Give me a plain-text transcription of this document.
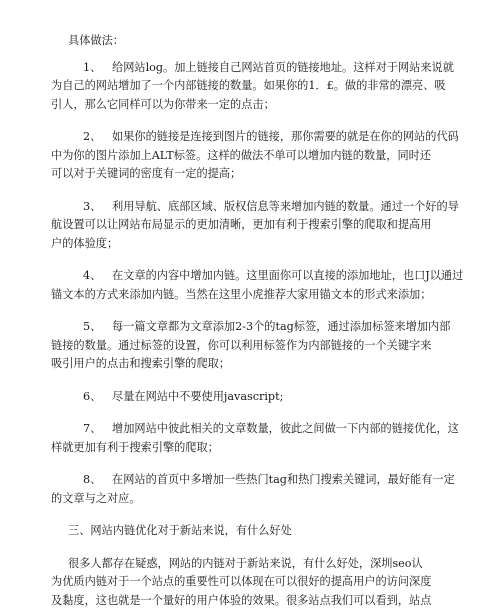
具体做法：
1、 给网站log。加上链接自己网站首页的链接地址。这样对于网站来说就
为自己的网站增加了一个内部链接的数量。如果你的1．£。做的非常的漂亮、吸
引人，那么它同样可以为你带来一定的点击；
2、 如果你的链接是连接到图片的链接，那你需要的就是在你的网站的代码
中为你的图片添加上ALT标签。这样的做法不单可以增加内链的数量，同时还
可以对于关键词的密度有一定的提高；
3、 利用导航、底部区域、版权信息等来增加内链的数量。通过一个好的导
航设置可以让网站布局显示的更加清晰，更加有利于搜索引擎的爬取和提高用
户的体验度；
4、 在文章的内容中增加内链。这里面你可以直接的添加地址，也口J以通过
锚文本的方式来添加内链。当然在这里小虎推荐大家用锚文本的形式来添加；
5、 每一篇文章都为文章添加2-3个的tag标签，通过添加标签来增加内部
链接的数量。通过标签的设置，你可以利用标签作为内部链接的一个关键字来
吸引用户的点击和搜索引擎的爬取；
6、 尽量在网站中不要使用javascript;
7、 增加网站中彼此相关的文章数量，彼此之间做一下内部的链接优化，这
样就更加有利于搜索引擎的爬取；
8、 在网站的首页中多增加一些热门tag和热门搜索关键词，最好能有一定
的文章与之对应。
三、网站内链优化对于新站来说，有什么好处
很多人都存在疑惑，网站的内链对于新站来说，有什么好处，深圳seo认
为优质内链对于一个站点的重要性可以体现在可以很好的提高用户的访问深度
及黏度，这也就是一个量好的用户体验的效果。很多站点我们可以看到，站点
